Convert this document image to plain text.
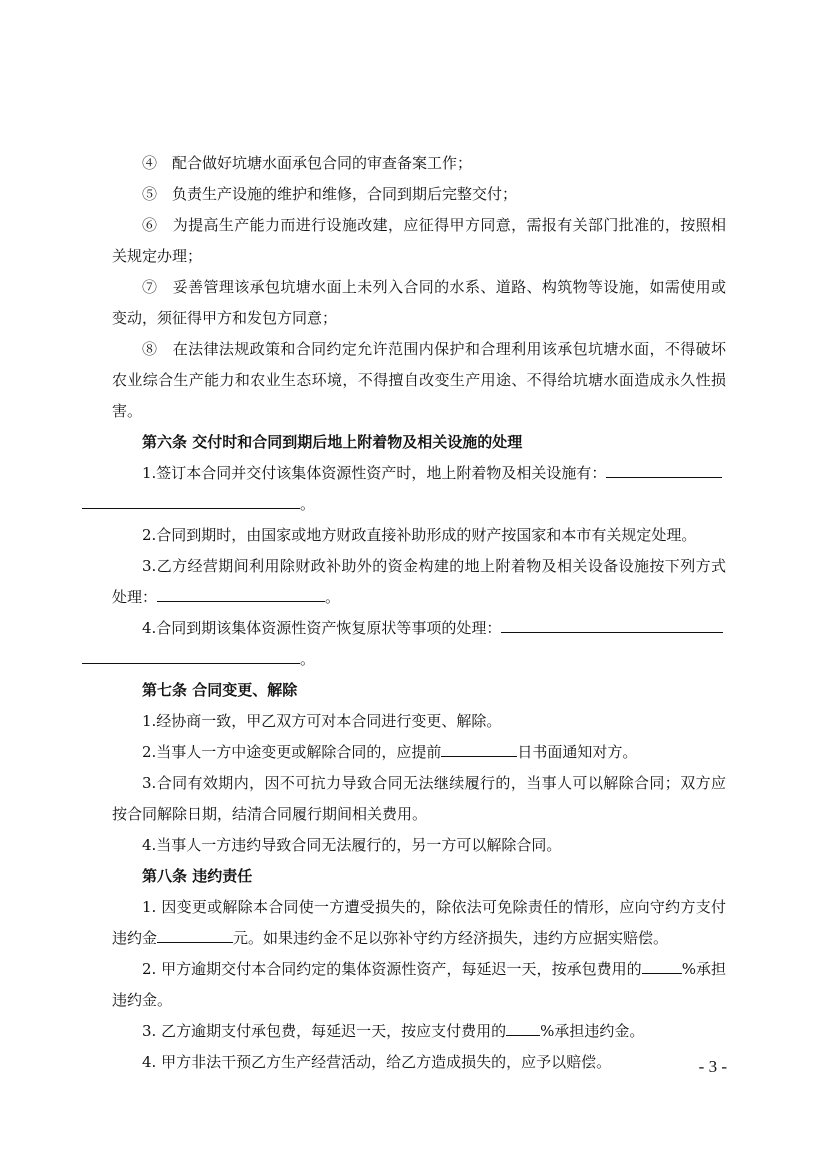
④　配合做好坑塘水面承包合同的审查备案工作；

⑤　负责生产设施的维护和维修，合同到期后完整交付；

⑥　为提高生产能力而进行设施改建，应征得甲方同意，需报有关部门批准的，按照相关规定办理；

⑦　妥善管理该承包坑塘水面上未列入合同的水系、道路、构筑物等设施，如需使用或变动，须征得甲方和发包方同意；

⑧　在法律法规政策和合同约定允许范围内保护和合理利用该承包坑塘水面，不得破坏农业综合生产能力和农业生态环境，不得擅自改变生产用途、不得给坑塘水面造成永久性损害。

第六条 交付时和合同到期后地上附着物及相关设施的处理

1.签订本合同并交付该集体资源性资产时，地上附着物及相关设施有：
。

2.合同到期时，由国家或地方财政直接补助形成的财产按国家和本市有关规定处理。

3.乙方经营期间利用除财政补助外的资金构建的地上附着物及相关设备设施按下列方式处理：	。

4.合同到期该集体资源性资产恢复原状等事项的处理：
。

第七条 合同变更、解除

1.经协商一致，甲乙双方可对本合同进行变更、解除。

2.当事人一方中途变更或解除合同的，应提前	日书面通知对方。

3.合同有效期内，因不可抗力导致合同无法继续履行的，当事人可以解除合同；双方应按合同解除日期，结清合同履行期间相关费用。

4.当事人一方违约导致合同无法履行的，另一方可以解除合同。

第八条 违约责任

1. 因变更或解除本合同使一方遭受损失的，除依法可免除责任的情形，应向守约方支付违约金	元。如果违约金不足以弥补守约方经济损失，违约方应据实赔偿。

2. 甲方逾期交付本合同约定的集体资源性资产，每延迟一天，按承包费用的	%承担违约金。

3. 乙方逾期支付承包费，每延迟一天，按应支付费用的 %承担违约金。

4. 甲方非法干预乙方生产经营活动，给乙方造成损失的，应予以赔偿。	- 3 -
